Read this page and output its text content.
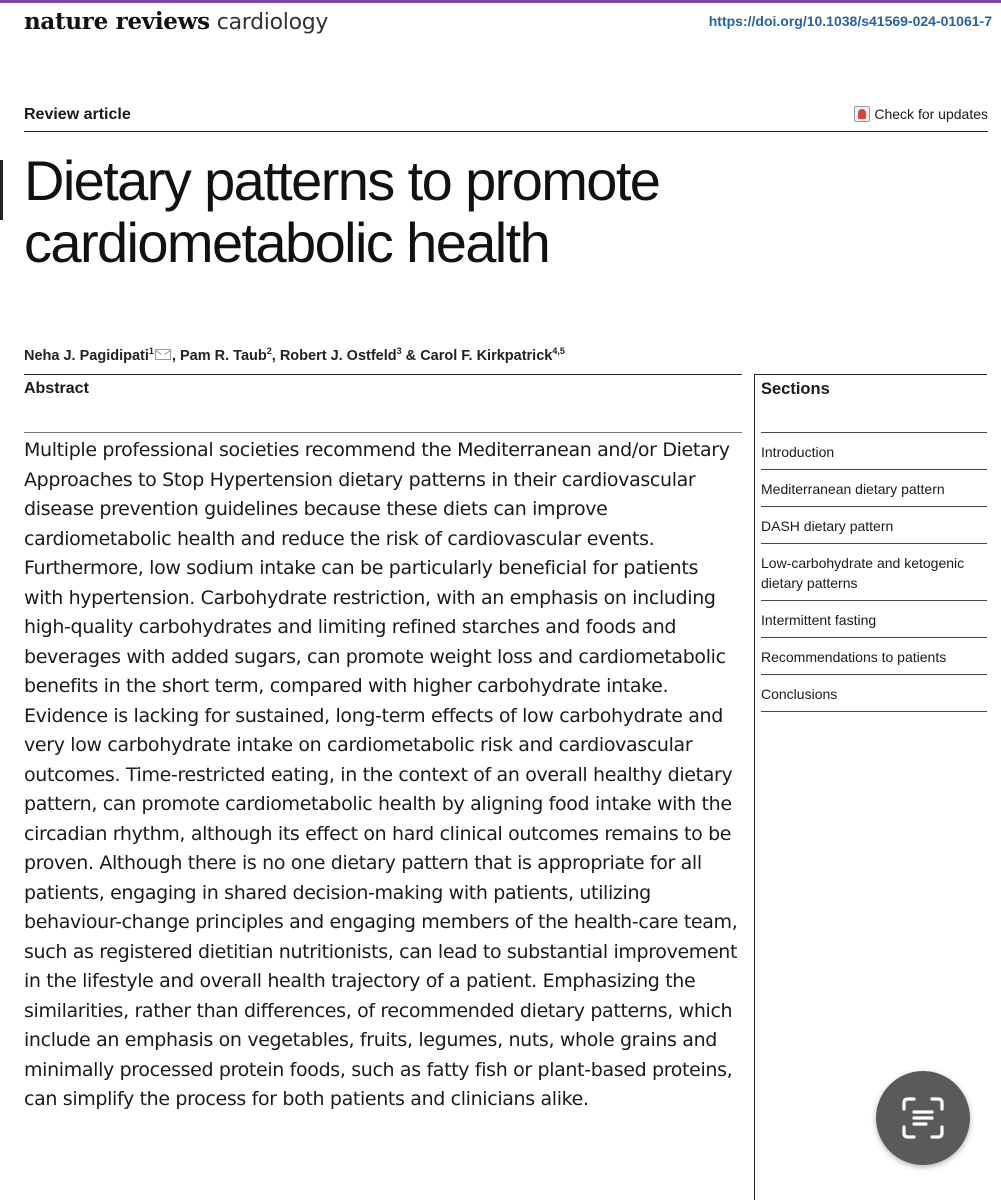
nature reviews cardiology	https://doi.org/10.1038/s41569-024-01061-7
Review article	Check for updates
Dietary patterns to promote cardiometabolic health
Neha J. Pagidipati$^1$ , Pam R. Taub$^2$, Robert J. Ostfeld$^3$ & Carol F. Kirkpatrick$^{4,5}$
Abstract

Multiple professional societies recommend the Mediterranean and/or Dietary Approaches to Stop Hypertension dietary patterns in their cardiovascular disease prevention guidelines because these diets can improve cardiometabolic health and reduce the risk of cardiovascular events. Furthermore, low sodium intake can be particularly beneficial for patients with hypertension. Carbohydrate restriction, with an emphasis on including high-quality carbohydrates and limiting refined starches and foods and beverages with added sugars, can promote weight loss and cardiometabolic benefits in the short term, compared with higher carbohydrate intake. Evidence is lacking for sustained, long-term effects of low carbohydrate and very low carbohydrate intake on cardiometabolic risk and cardiovascular outcomes. Time-restricted eating, in the context of an overall healthy dietary pattern, can promote cardiometabolic health by aligning food intake with the circadian rhythm, although its effect on hard clinical outcomes remains to be proven. Although there is no one dietary pattern that is appropriate for all patients, engaging in shared decision-making with patients, utilizing behaviour-change principles and engaging members of the health-care team, such as registered dietitian nutritionists, can lead to substantial improvement in the lifestyle and overall health trajectory of a patient. Emphasizing the similarities, rather than differences, of recommended dietary patterns, which include an emphasis on vegetables, fruits, legumes, nuts, whole grains and minimally processed protein foods, such as fatty fish or plant-based proteins, can simplify the process for both patients and clinicians alike.

Sections
Introduction
Mediterranean dietary pattern
DASH dietary pattern
Low-carbohydrate and ketogenic dietary patterns
Intermittent fasting
Recommendations to patients
Conclusions
